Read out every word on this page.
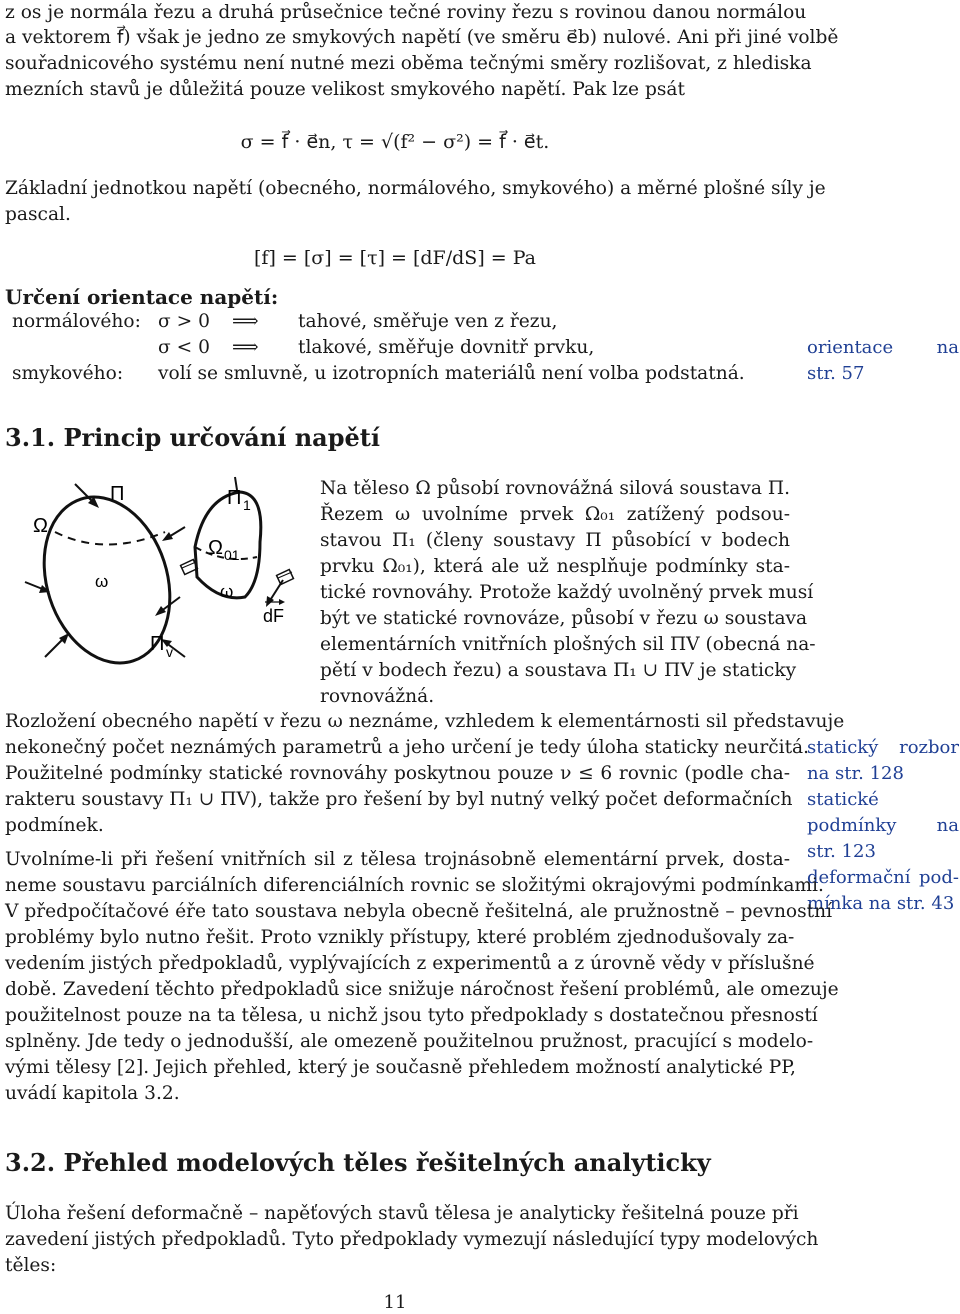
z os je normála řezu a druhá průsečnice tečné roviny řezu s rovinou danou normálou
a vektorem f⃗) však je jedno ze smykových napětí (ve směru e⃗b) nulové. Ani při jiné volbě
souřadnicového systému není nutné mezi oběma tečnými směry rozlišovat, z hlediska
mezních stavů je důležitá pouze velikost smykového napětí. Pak lze psát
σ = f⃗ · e⃗n, τ = √(f² − σ²) = f⃗ · e⃗t.
Základní jednotkou napětí (obecného, normálového, smykového) a měrné plošné síly je
pascal.
[f] = [σ] = [τ] = [dF/dS] = Pa
Určení orientace napětí:
normálového: σ > 0 ⟹ tahové, směřuje ven z řezu,
σ < 0 ⟹ tlakové, směřuje dovnitř prvku,
smykového: volí se smluvně, u izotropních materiálů není volba podstatná.
orientace na
str. 57
3.1. Princip určování napětí
Ω
Π	Π 1
Ω 01
ω
ω
Π v
dF
Na těleso Ω působí rovnovážná silová soustava Π.
Řezem ω uvolníme prvek Ω₀₁ zatížený podsou-
stavou Π₁ (členy soustavy Π působící v bodech
prvku Ω₀₁), která ale už nesplňuje podmínky sta-
tické rovnováhy. Protože každý uvolněný prvek musí
být ve statické rovnováze, působí v řezu ω soustava
elementárních vnitřních plošných sil ΠV (obecná na-
pětí v bodech řezu) a soustava Π₁ ∪ ΠV je staticky
rovnovážná.
Rozložení obecného napětí v řezu ω neznáme, vzhledem k elementárnosti sil představuje
nekonečný počet neznámých parametrů a jeho určení je tedy úloha staticky neurčitá.
Použitelné podmínky statické rovnováhy poskytnou pouze ν ≤ 6 rovnic (podle cha-
rakteru soustavy Π₁ ∪ ΠV), takže pro řešení by byl nutný velký počet deformačních
podmínek.
statický rozbor
na str. 128
statické
podmínky na
str. 123
deformační pod-
mínka na str. 43
Uvolníme-li při řešení vnitřních sil z tělesa trojnásobně elementární prvek, dosta-
neme soustavu parciálních diferenciálních rovnic se složitými okrajovými podmínkami.
V předpočítačové éře tato soustava nebyla obecně řešitelná, ale pružnostně – pevnostní
problémy bylo nutno řešit. Proto vznikly přístupy, které problém zjednodušovaly za-
vedením jistých předpokladů, vyplývajících z experimentů a z úrovně vědy v příslušné
době. Zavedení těchto předpokladů sice snižuje náročnost řešení problémů, ale omezuje
použitelnost pouze na ta tělesa, u nichž jsou tyto předpoklady s dostatečnou přesností
splněny. Jde tedy o jednodušší, ale omezeně použitelnou pružnost, pracující s modelo-
vými tělesy [2]. Jejich přehled, který je současně přehledem možností analytické PP,
uvádí kapitola 3.2.
3.2. Přehled modelových těles řešitelných analyticky
Úloha řešení deformačně – napěťových stavů tělesa je analyticky řešitelná pouze při
zavedení jistých předpokladů. Tyto předpoklady vymezují následující typy modelových
těles:
11
